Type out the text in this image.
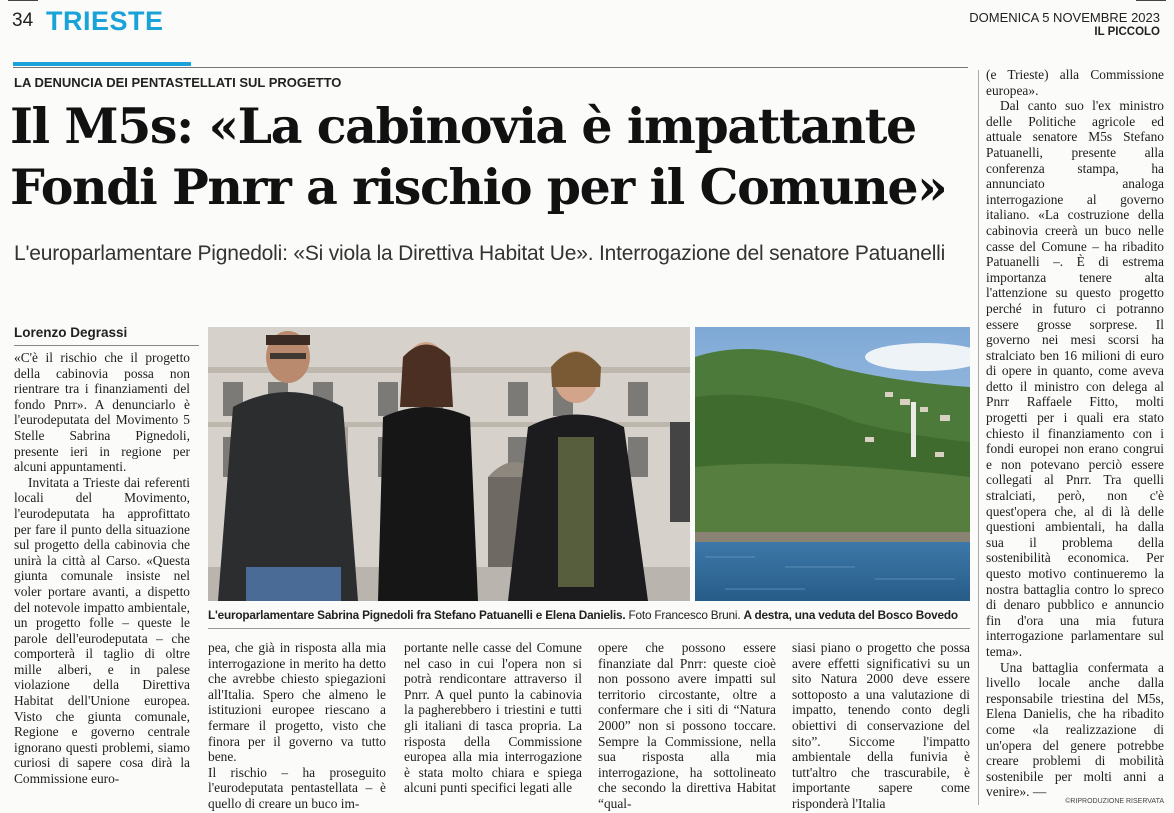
34 TRIESTE	DOMENICA 5 NOVEMBRE 2023
IL PICCOLO
LA DENUNCIA DEI PENTASTELLATI SUL PROGETTO
Il M5s: «La cabinovia è impattante
Fondi Pnrr a rischio per il Comune»
L'europarlamentare Pignedoli: «Si viola la Direttiva Habitat Ue». Interrogazione del senatore Patuanelli
Lorenzo Degrassi

«C'è il rischio che il progetto della cabinovia possa non rientrare tra i finanziamenti del fondo Pnrr». A denunciarlo è l'eurodeputata del Movimento 5 Stelle Sabrina Pignedoli, presente ieri in regione per alcuni appuntamenti.

Invitata a Trieste dai referenti locali del Movimento, l'eurodeputata ha approfittato per fare il punto della situazione sul progetto della cabinovia che unirà la città al Carso. «Questa giunta comunale insiste nel voler portare avanti, a dispetto del notevole impatto ambientale, un progetto folle – queste le parole dell'eurodeputata – che comporterà il taglio di oltre mille alberi, e in palese violazione della Direttiva Habitat dell'Unione europea. Visto che giunta comunale, Regione e governo centrale ignorano questi problemi, siamo curiosi di sapere cosa dirà la Commissione euro-

L'europarlamentare Sabrina Pignedoli fra Stefano Patuanelli e Elena Danielis. Foto Francesco Bruni. A destra, una veduta del Bosco Bovedo

pea, che già in risposta alla mia interrogazione in merito ha detto che avrebbe chiesto spiegazioni all'Italia. Spero che almeno le istituzioni europee riescano a fermare il progetto, visto che finora per il governo va tutto bene.

Il rischio – ha proseguito l'eurodeputata pentastellata – è quello di creare un buco im-

portante nelle casse del Comune nel caso in cui l'opera non si potrà rendicontare attraverso il Pnrr. A quel punto la cabinovia la pagherebbero i triestini e tutti gli italiani di tasca propria. La risposta della Commissione europea alla mia interrogazione è stata molto chiara e spiega alcuni punti specifici legati alle

opere che possono essere finanziate dal Pnrr: queste cioè non possono avere impatti sul territorio circostante, oltre a confermare che i siti di “Natura 2000” non si possono toccare. Sempre la Commissione, nella sua risposta alla mia interrogazione, ha sottolineato che secondo la direttiva Habitat “qual-

siasi piano o progetto che possa avere effetti significativi su un sito Natura 2000 deve essere sottoposto a una valutazione di impatto, tenendo conto degli obiettivi di conservazione del sito”. Siccome l'impatto ambientale della funivia è tutt'altro che trascurabile, è importante sapere come risponderà l'Italia

(e Trieste) alla Commissione europea».

Dal canto suo l'ex ministro delle Politiche agricole ed attuale senatore M5s Stefano Patuanelli, presente alla conferenza stampa, ha annunciato analoga interrogazione al governo italiano. «La costruzione della cabinovia creerà un buco nelle casse del Comune – ha ribadito Patuanelli –. È di estrema importanza tenere alta l'attenzione su questo progetto perché in futuro ci potranno essere grosse sorprese. Il governo nei mesi scorsi ha stralciato ben 16 milioni di euro di opere in quanto, come aveva detto il ministro con delega al Pnrr Raffaele Fitto, molti progetti per i quali era stato chiesto il finanziamento con i fondi europei non erano congrui e non potevano perciò essere collegati al Pnrr. Tra quelli stralciati, però, non c'è quest'opera che, al di là delle questioni ambientali, ha dalla sua il problema della sostenibilità economica. Per questo motivo continueremo la nostra battaglia contro lo spreco di denaro pubblico e annuncio fin d'ora una mia futura interrogazione parlamentare sul tema».

Una battaglia confermata a livello locale anche dalla responsabile triestina del M5s, Elena Danielis, che ha ribadito come «la realizzazione di un'opera del genere potrebbe creare problemi di mobilità sostenibile per molti anni a venire». —

©RIPRODUZIONE RISERVATA
